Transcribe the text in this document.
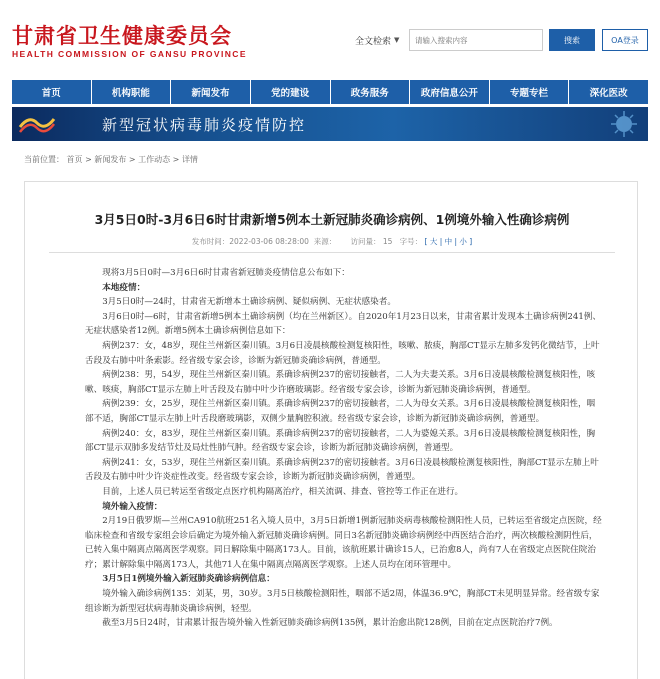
甘肃省卫生健康委员会
HEALTH COMMISSION OF GANSU PROVINCE
全文检索 ▼
请输入搜索内容	搜索	OA登录
首页	机构职能	新闻发布	党的建设	政务服务	政府信息公开	专题专栏	深化医改
新型冠状病毒肺炎疫情防控
当前位置： 首页 > 新闻发布 > 工作动态 > 详情
3月5日0时-3月6日6时甘肃新增5例本土新冠肺炎确诊病例、1例境外输入性确诊病例
发布时间：2022-03-06 08:28:00 来源： 访问量： 15 字号： [ 大 | 中 | 小 ]

现将3月5日0时—3月6日6时甘肃省新冠肺炎疫情信息公布如下：

本地疫情：

3月5日0时—24时，甘肃省无新增本土确诊病例、疑似病例、无症状感染者。

3月6日0时—6时，甘肃省新增5例本土确诊病例（均在兰州新区）。自2020年1月23日以来，甘肃省累计发现本土确诊病例241例、无症状感染者12例。新增5例本土确诊病例信息如下：

病例237：女，48岁，现住兰州新区秦川镇。3月6日凌晨核酸检测复核阳性，咳嗽、脓痰，胸部CT显示左肺多发钙化微结节，上叶舌段及右肺中叶条索影。经省级专家会诊，诊断为新冠肺炎确诊病例，普通型。

病例238：男，54岁，现住兰州新区秦川镇。系确诊病例237的密切接触者，二人为夫妻关系。3月6日凌晨核酸检测复核阳性，咳嗽、咳痰，胸部CT显示左肺上叶舌段及右肺中叶少许磨玻璃影。经省级专家会诊，诊断为新冠肺炎确诊病例，普通型。

病例239：女，25岁，现住兰州新区秦川镇。系确诊病例237的密切接触者，二人为母女关系。3月6日凌晨核酸检测复核阳性，咽部不适，胸部CT显示左肺上叶舌段磨玻璃影，双侧少量胸腔积液。经省级专家会诊，诊断为新冠肺炎确诊病例，普通型。

病例240：女，83岁，现住兰州新区秦川镇。系确诊病例237的密切接触者，二人为婆媳关系。3月6日凌晨核酸检测复核阳性，胸部CT显示双肺多发结节灶及局灶性肺气肿。经省级专家会诊，诊断为新冠肺炎确诊病例，普通型。

病例241：女，53岁，现住兰州新区秦川镇。系确诊病例237的密切接触者。3月6日凌晨核酸检测复核阳性，胸部CT显示左肺上叶舌段及右肺中叶少许炎症性改变。经省级专家会诊，诊断为新冠肺炎确诊病例，普通型。

目前，上述人员已转运至省级定点医疗机构隔离治疗，相关流调、排查、管控等工作正在进行。

境外输入疫情：

2月19日俄罗斯—兰州CA910航班251名入境人员中，3月5日新增1例新冠肺炎病毒核酸检测阳性人员，已转运至省级定点医院，经临床检查和省级专家组会诊后确定为境外输入新冠肺炎确诊病例。同日3名新冠肺炎确诊病例经中西医结合治疗，两次核酸检测阴性后，已转入集中隔离点隔离医学观察。同日解除集中隔离173人。目前，该航班累计确诊15人，已治愈8人，尚有7人在省级定点医院住院治疗；累计解除集中隔离173人，其他71人在集中隔离点隔离医学观察。上述人员均在闭环管理中。

3月5日1例境外输入新冠肺炎确诊病例信息：

境外输入确诊病例135：刘某，男，30岁。3月5日核酸检测阳性，咽部不适2周，体温36.9℃，胸部CT未见明显异常。经省级专家组诊断为新型冠状病毒肺炎确诊病例，轻型。

截至3月5日24时，甘肃累计报告境外输入性新冠肺炎确诊病例135例，累计治愈出院128例，目前在定点医院治疗7例。
